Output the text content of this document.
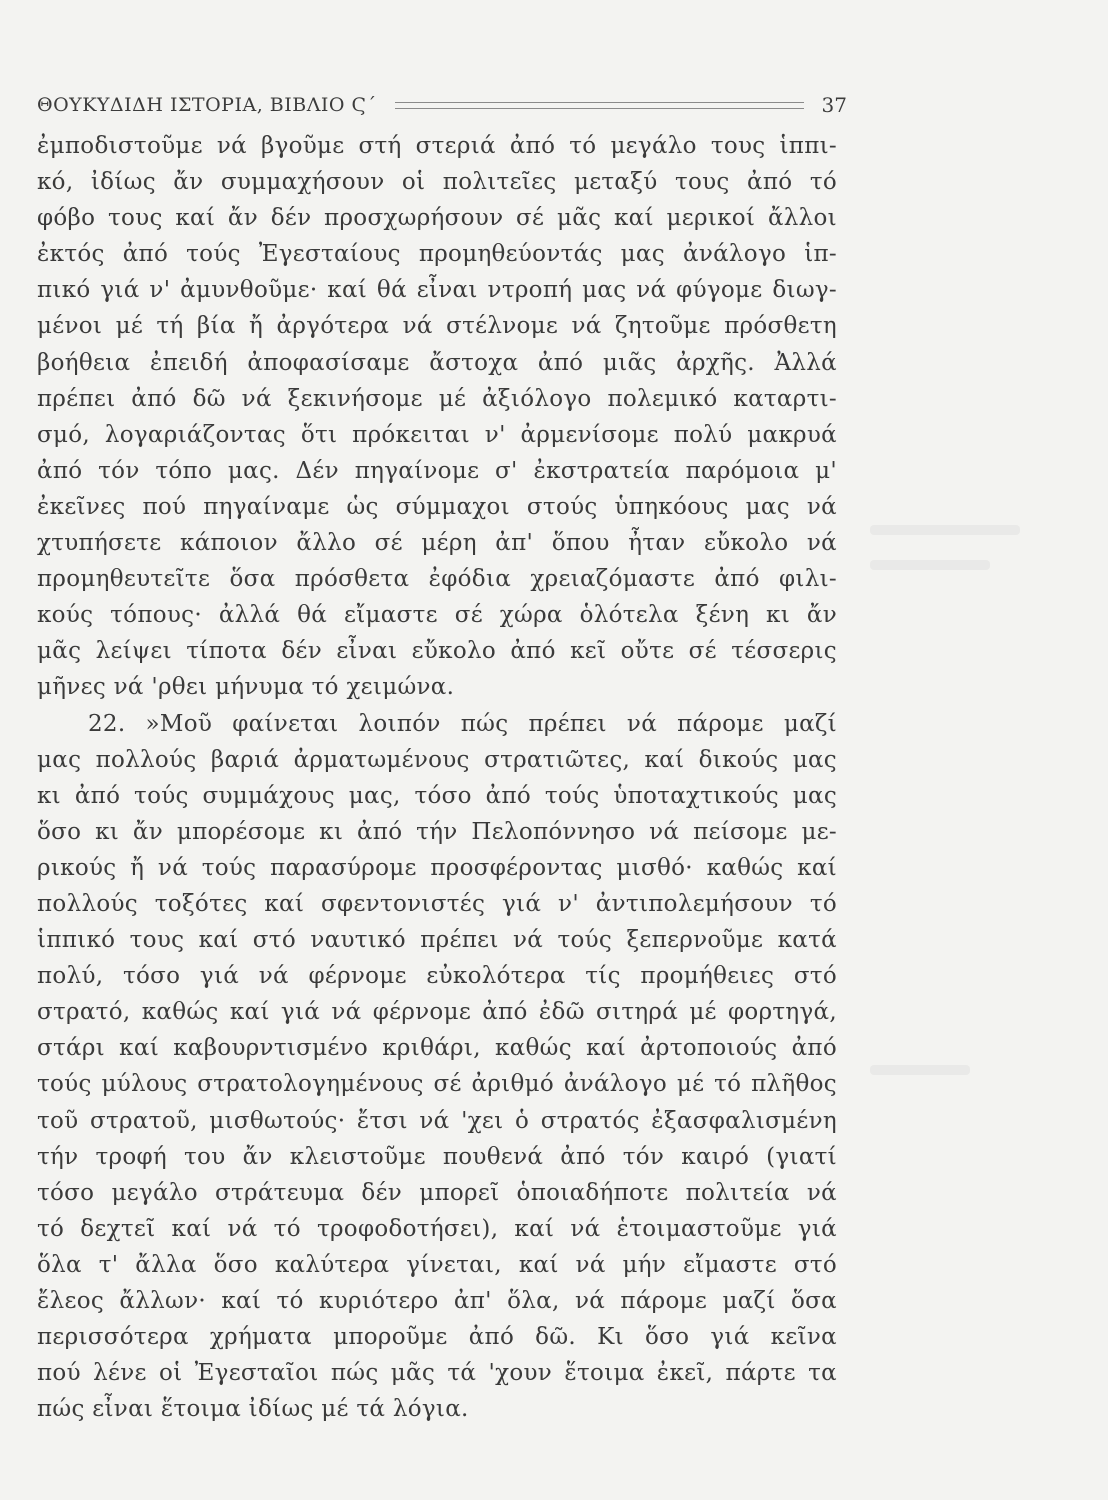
ΘΟΥΚΥΔΙΔΗ ΙΣΤΟΡΙΑ, ΒΙΒΛΙΟ Ϛ΄	37
ἐμποδιστοῦμε νά βγοῦμε στή στεριά ἀπό τό μεγάλο τους ἱππι-
κό, ἰδίως ἄν συμμαχήσουν οἱ πολιτεῖες μεταξύ τους ἀπό τό
φόβο τους καί ἄν δέν προσχωρήσουν σέ μᾶς καί μερικοί ἄλλοι
ἐκτός ἀπό τούς Ἐγεσταίους προμηθεύοντάς μας ἀνάλογο ἱπ-
πικό γιά ν' ἀμυνθοῦμε· καί θά εἶναι ντροπή μας νά φύγομε διωγ-
μένοι μέ τή βία ἤ ἀργότερα νά στέλνομε νά ζητοῦμε πρόσθετη
βοήθεια ἐπειδή ἀποφασίσαμε ἄστοχα ἀπό μιᾶς ἀρχῆς. Ἀλλά
πρέπει ἀπό δῶ νά ξεκινήσομε μέ ἀξιόλογο πολεμικό καταρτι-
σμό, λογαριάζοντας ὅτι πρόκειται ν' ἀρμενίσομε πολύ μακρυά
ἀπό τόν τόπο μας. Δέν πηγαίνομε σ' ἐκστρατεία παρόμοια μ'
ἐκεῖνες πού πηγαίναμε ὡς σύμμαχοι στούς ὑπηκόους μας νά
χτυπήσετε κάποιον ἄλλο σέ μέρη ἀπ' ὅπου ἦταν εὔκολο νά
προμηθευτεῖτε ὅσα πρόσθετα ἐφόδια χρειαζόμαστε ἀπό φιλι-
κούς τόπους· ἀλλά θά εἴμαστε σέ χώρα ὁλότελα ξένη κι ἄν
μᾶς λείψει τίποτα δέν εἶναι εὔκολο ἀπό κεῖ οὔτε σέ τέσσερις
μῆνες νά 'ρθει μήνυμα τό χειμώνα.
22. »Μοῦ φαίνεται λοιπόν πώς πρέπει νά πάρομε μαζί
μας πολλούς βαριά ἀρματωμένους στρατιῶτες, καί δικούς μας
κι ἀπό τούς συμμάχους μας, τόσο ἀπό τούς ὑποταχτικούς μας
ὅσο κι ἄν μπορέσομε κι ἀπό τήν Πελοπόννησο νά πείσομε με-
ρικούς ἤ νά τούς παρασύρομε προσφέροντας μισθό· καθώς καί
πολλούς τοξότες καί σφεντονιστές γιά ν' ἀντιπολεμήσουν τό
ἱππικό τους καί στό ναυτικό πρέπει νά τούς ξεπερνοῦμε κατά
πολύ, τόσο γιά νά φέρνομε εὐκολότερα τίς προμήθειες στό
στρατό, καθώς καί γιά νά φέρνομε ἀπό ἐδῶ σιτηρά μέ φορτηγά,
στάρι καί καβουρντισμένο κριθάρι, καθώς καί ἀρτοποιούς ἀπό
τούς μύλους στρατολογημένους σέ ἀριθμό ἀνάλογο μέ τό πλῆθος
τοῦ στρατοῦ, μισθωτούς· ἔτσι νά 'χει ὁ στρατός ἐξασφαλισμένη
τήν τροφή του ἄν κλειστοῦμε πουθενά ἀπό τόν καιρό (γιατί
τόσο μεγάλο στράτευμα δέν μπορεῖ ὁποιαδήποτε πολιτεία νά
τό δεχτεῖ καί νά τό τροφοδοτήσει), καί νά ἑτοιμαστοῦμε γιά
ὅλα τ' ἄλλα ὅσο καλύτερα γίνεται, καί νά μήν εἴμαστε στό
ἔλεος ἄλλων· καί τό κυριότερο ἀπ' ὅλα, νά πάρομε μαζί ὅσα
περισσότερα χρήματα μποροῦμε ἀπό δῶ. Κι ὅσο γιά κεῖνα
πού λένε οἱ Ἐγεσταῖοι πώς μᾶς τά 'χουν ἕτοιμα ἐκεῖ, πάρτε τα
πώς εἶναι ἕτοιμα ἰδίως μέ τά λόγια.
